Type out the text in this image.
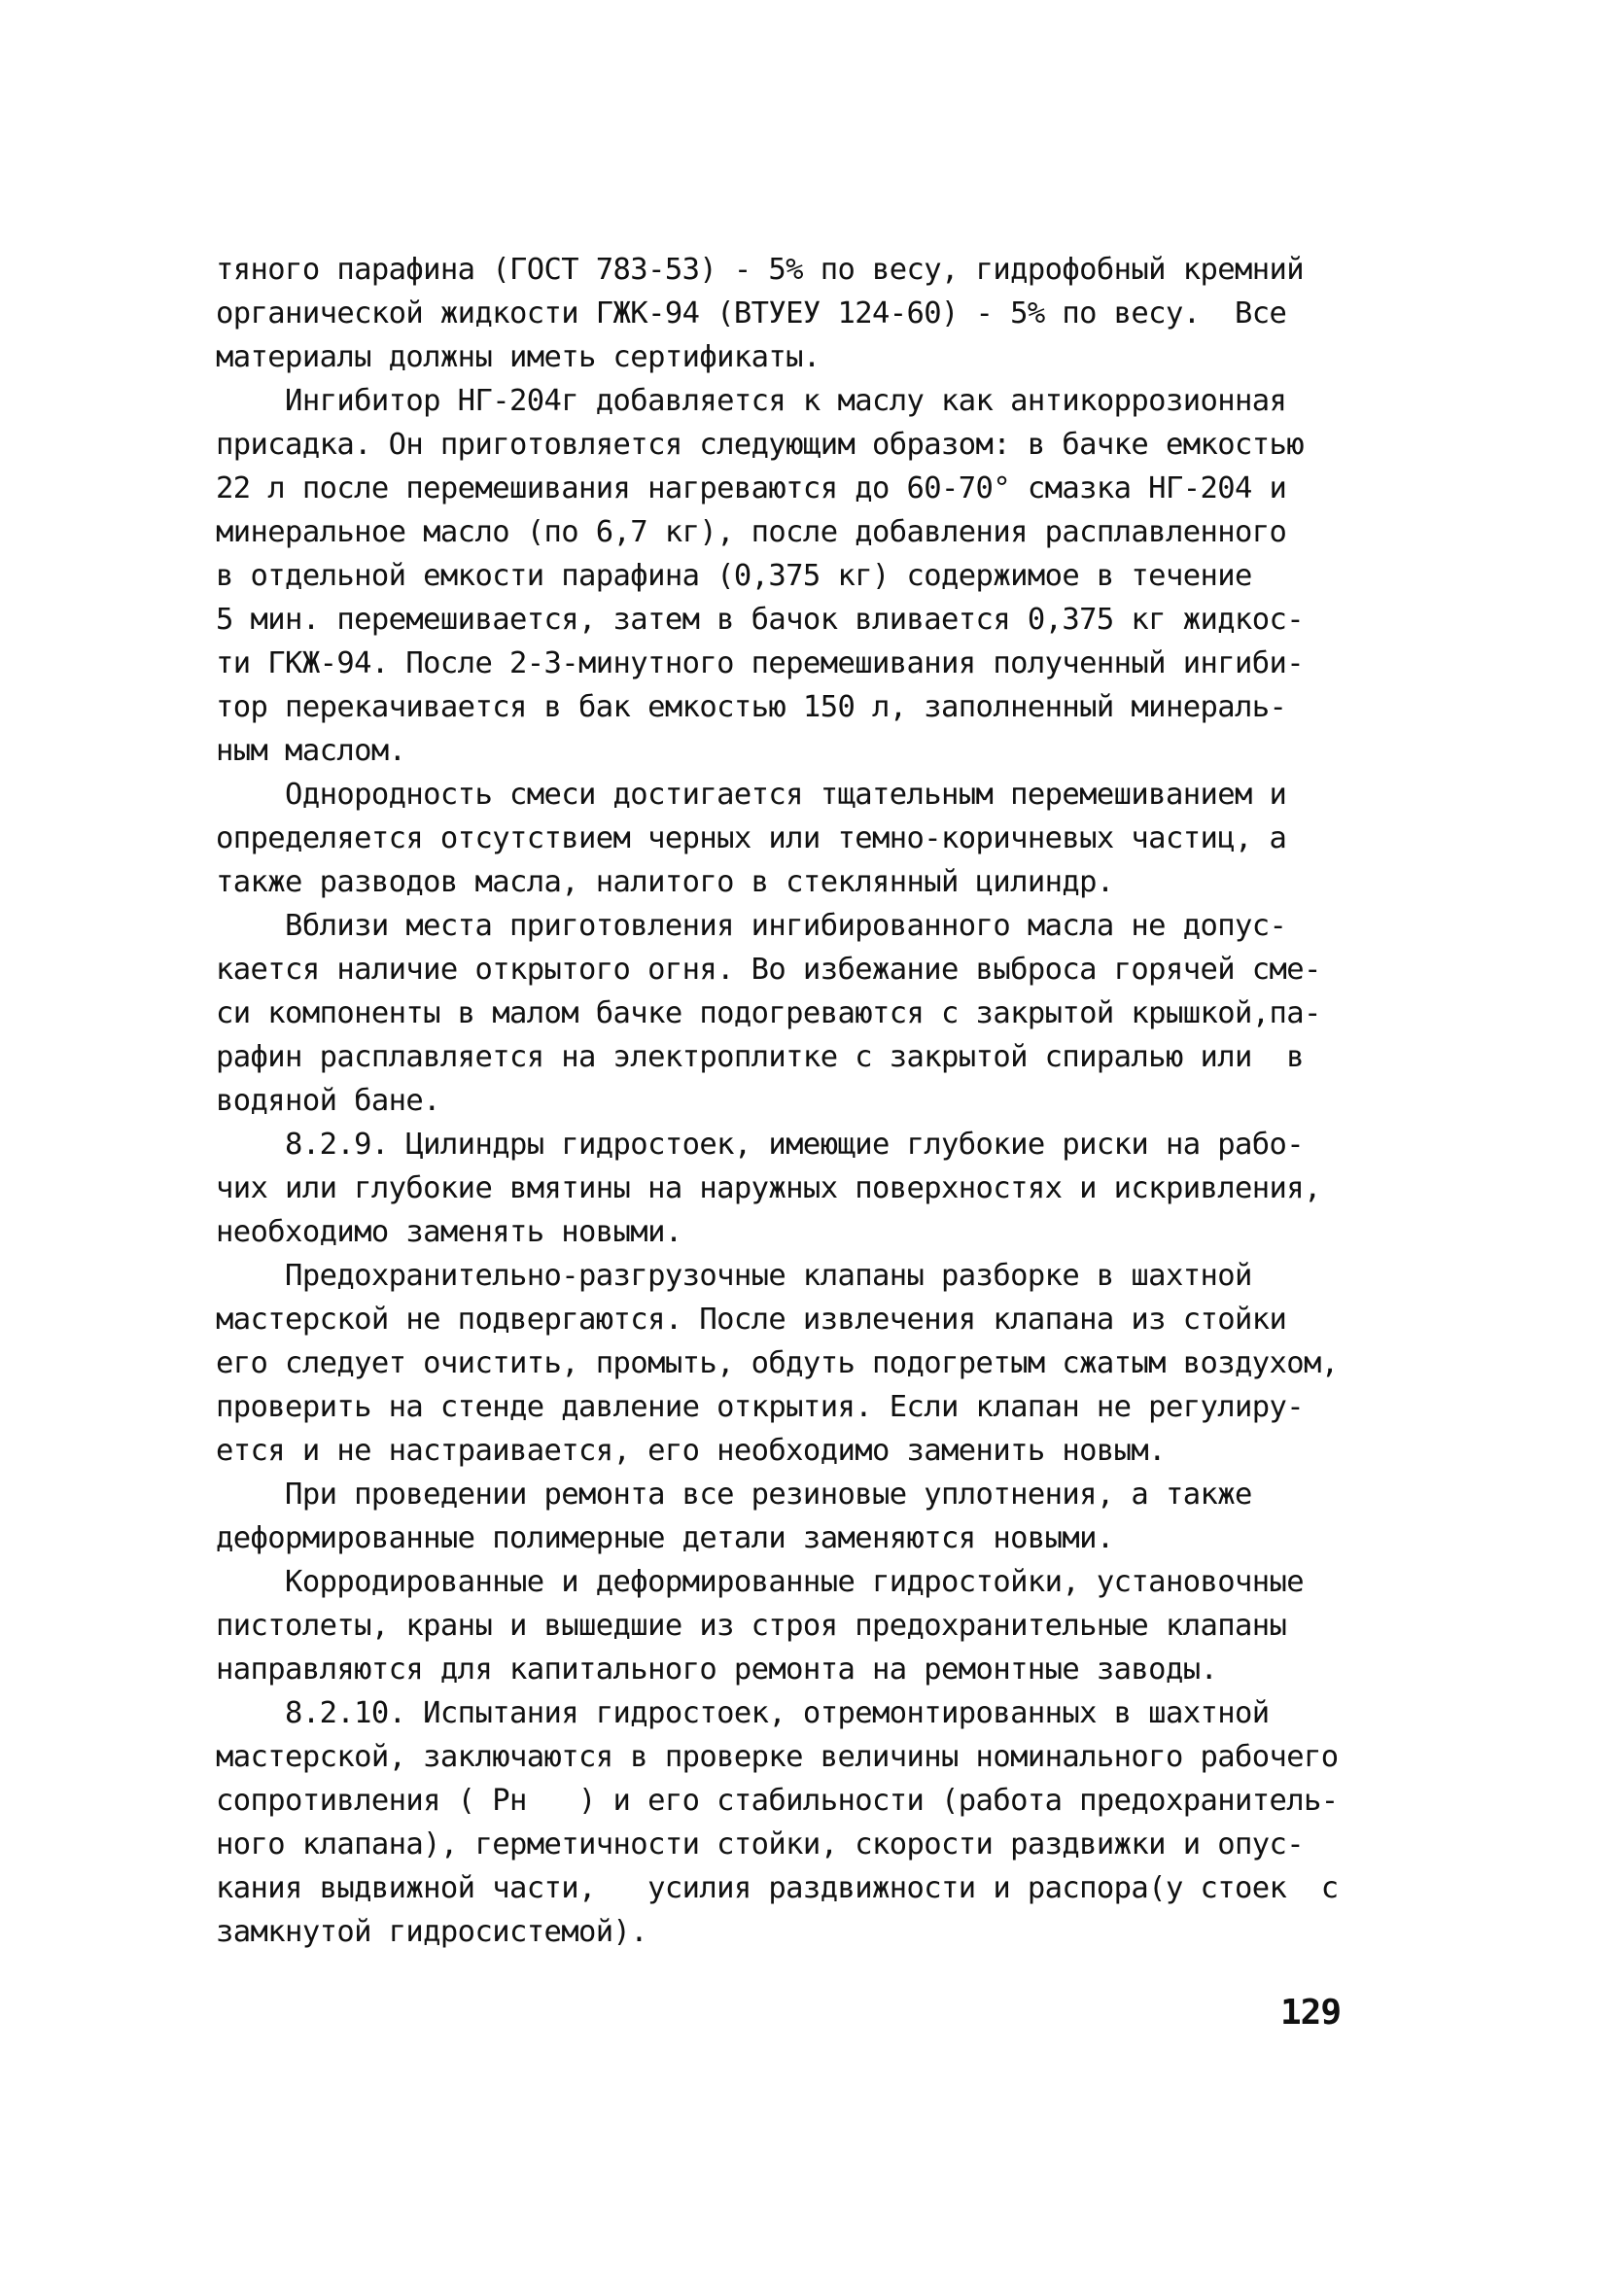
тяного парафина (ГОСТ 783-53) - 5% по весу, гидрофобный кремний
органической жидкости ГЖК-94 (ВТУЕУ 124-60) - 5% по весу.  Все
материалы должны иметь сертификаты.
Ингибитор НГ-204г добавляется к маслу как антикоррозионная
присадка. Он приготовляется следующим образом: в бачке емкостью
22 л после перемешивания нагреваются до 60-70° смазка НГ-204 и
минеральное масло (по 6,7 кг), после добавления расплавленного
в отдельной емкости парафина (0,375 кг) содержимое в течение
5 мин. перемешивается, затем в бачок вливается 0,375 кг жидкос-
ти ГКЖ-94. После 2-3-минутного перемешивания полученный ингиби-
тор перекачивается в бак емкостью 150 л, заполненный минераль-
ным маслом.
Однородность смеси достигается тщательным перемешиванием и
определяется отсутствием черных или темно-коричневых частиц, а
также разводов масла, налитого в стеклянный цилиндр.
Вблизи места приготовления ингибированного масла не допус-
кается наличие открытого огня. Во избежание выброса горячей сме-
си компоненты в малом бачке подогреваются с закрытой крышкой,па-
рафин расплавляется на электроплитке с закрытой спиралью или  в
водяной бане.
8.2.9. Цилиндры гидростоек, имеющие глубокие риски на рабо-
чих или глубокие вмятины на наружных поверхностях и искривления,
необходимо заменять новыми.
Предохранительно-разгрузочные клапаны разборке в шахтной
мастерской не подвергаются. После извлечения клапана из стойки
его следует очистить, промыть, обдуть подогретым сжатым воздухом,
проверить на стенде давление открытия. Если клапан не регулиру-
ется и не настраивается, его необходимо заменить новым.
При проведении ремонта все резиновые уплотнения, а также
деформированные полимерные детали заменяются новыми.
Корродированные и деформированные гидростойки, установочные
пистолеты, краны и вышедшие из строя предохранительные клапаны
направляются для капитального ремонта на ремонтные заводы.
8.2.10. Испытания гидростоек, отремонтированных в шахтной
мастерской, заключаются в проверке величины номинального рабочего
сопротивления ( Рн   ) и его стабильности (работа предохранитель-
ного клапана), герметичности стойки, скорости раздвижки и опус-
кания выдвижной части,   усилия раздвижности и распора(у стоек  с
замкнутой гидросистемой).
129
